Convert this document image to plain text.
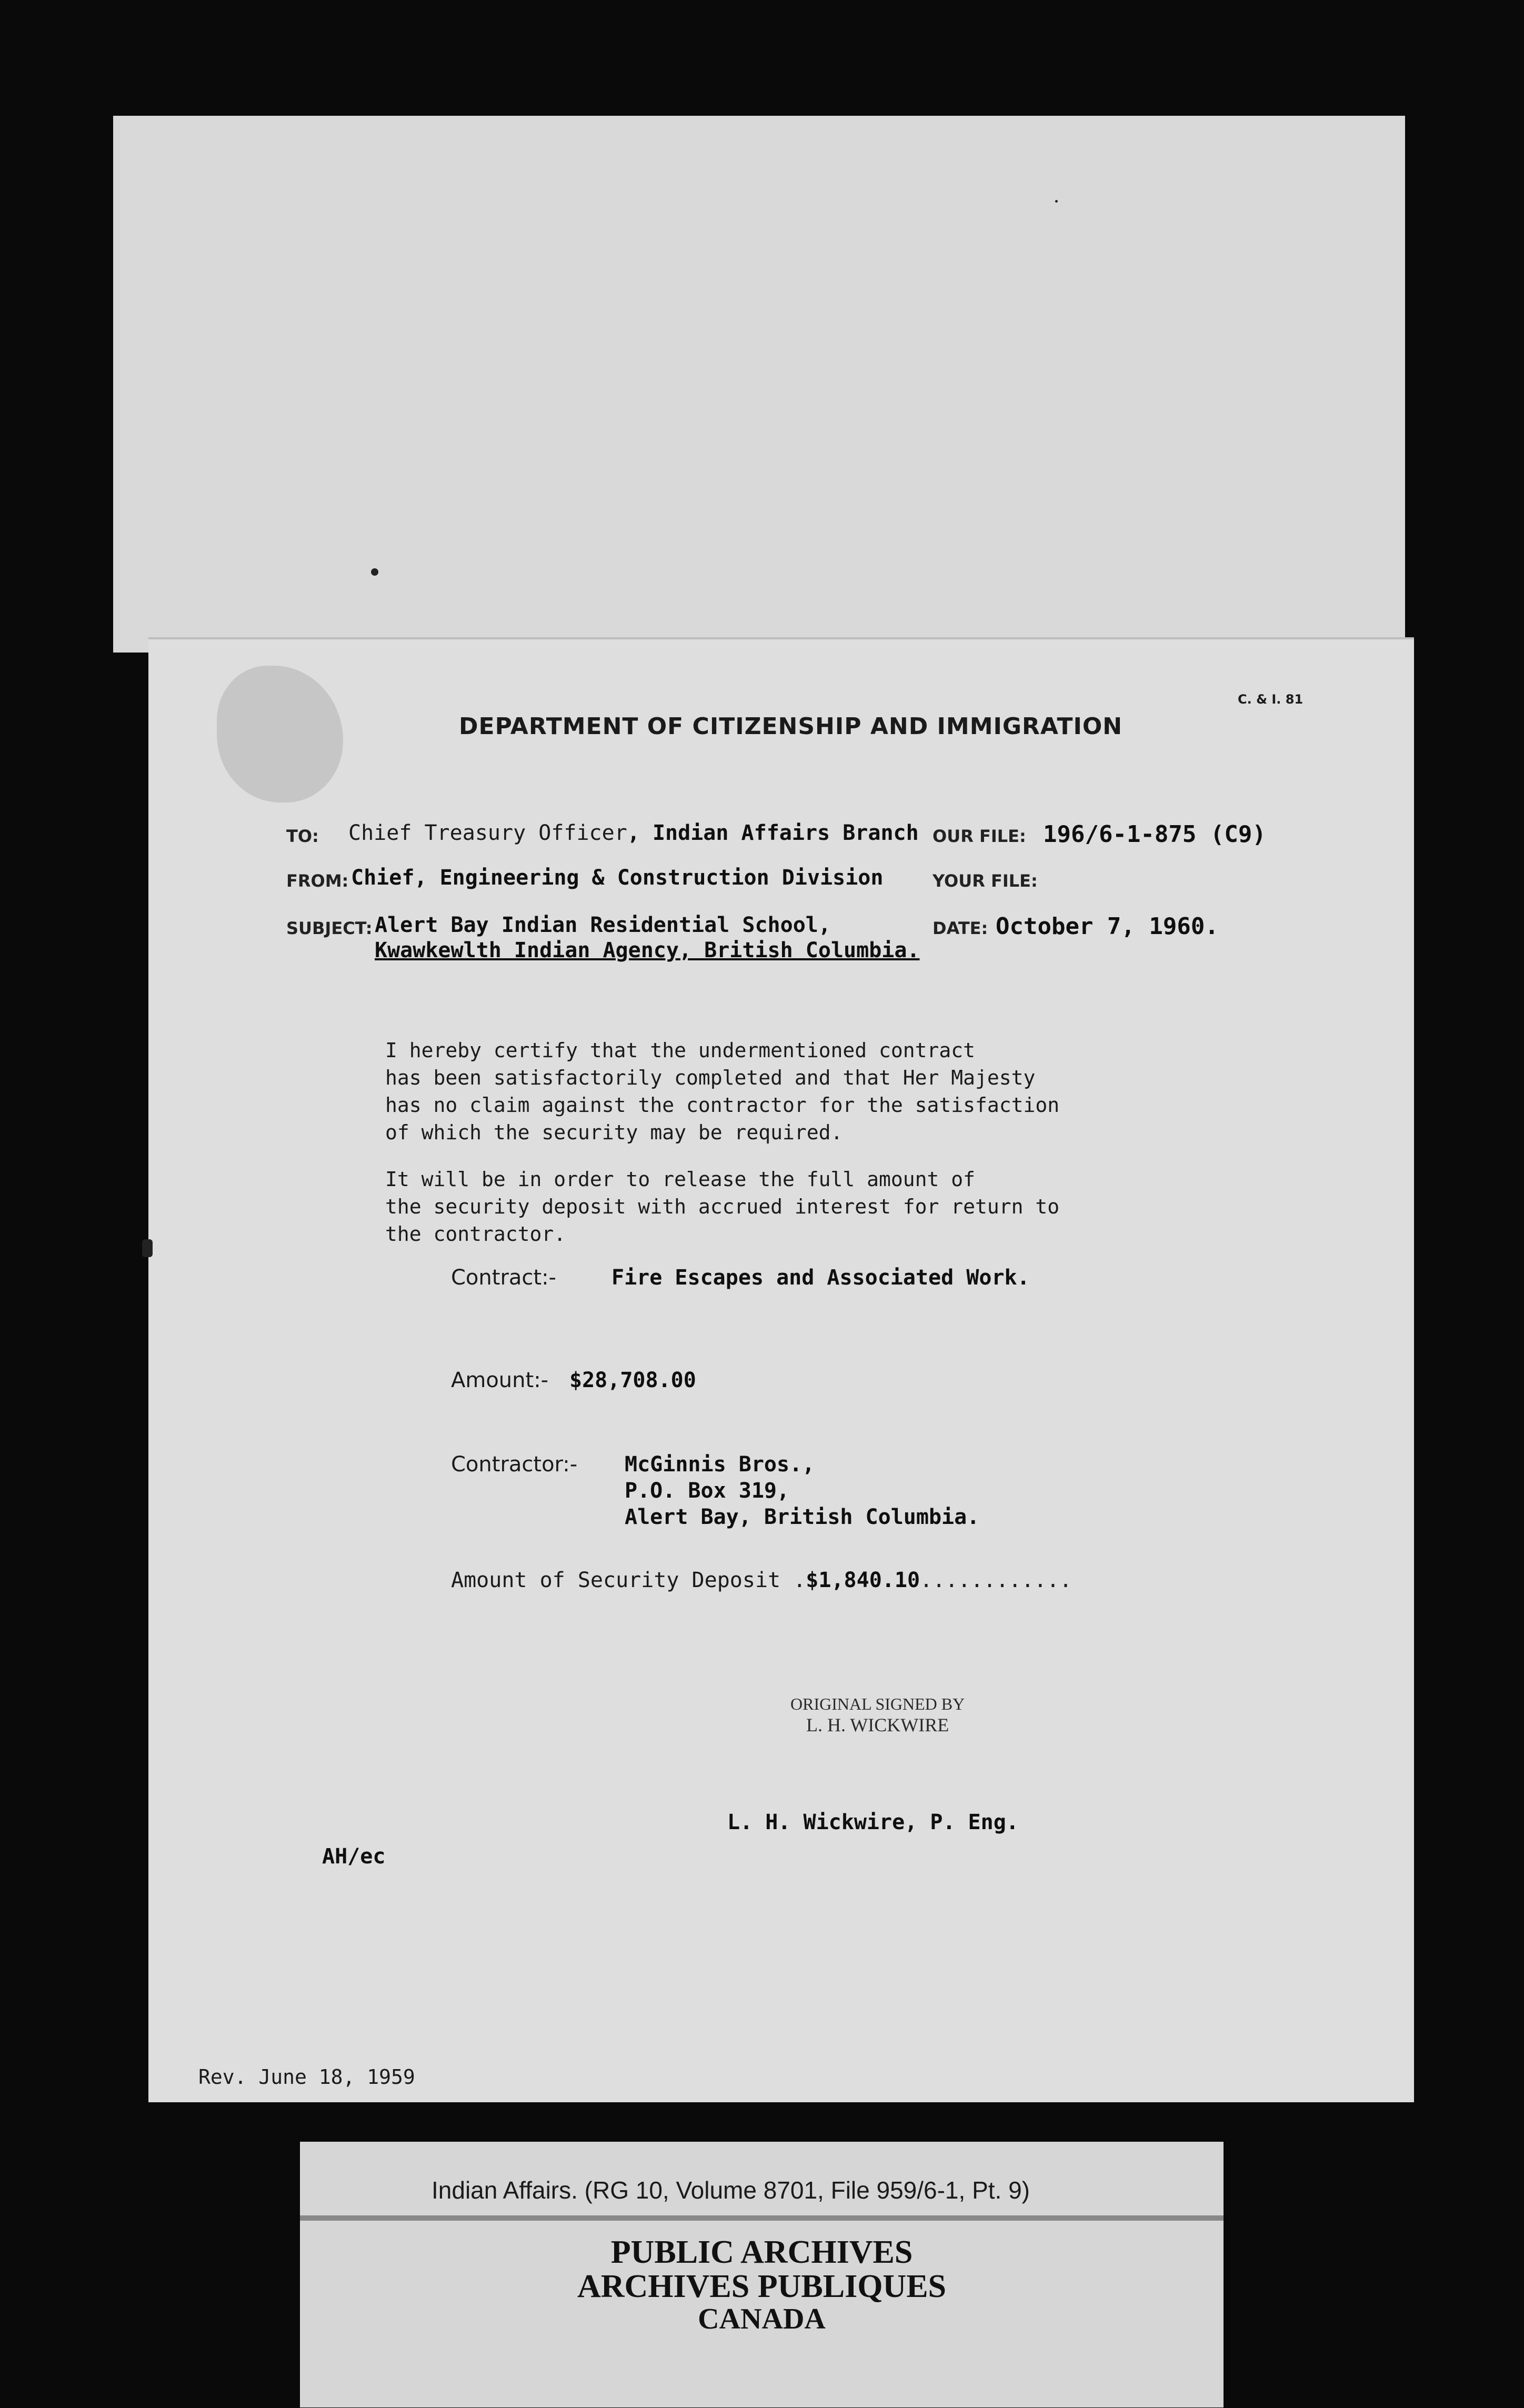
C. & I. 81
DEPARTMENT OF CITIZENSHIP AND IMMIGRATION
TO: Chief Treasury Officer, Indian Affairs Branch OUR FILE: 196/6-1-875 (C9)
FROM: Chief, Engineering & Construction Division	YOUR FILE:
SUBJECT: Alert Bay Indian Residential School,
Kwawkewlth Indian Agency, British Columbia.
DATE: October 7, 1960.
I hereby certify that the undermentioned contract
has been satisfactorily completed and that Her Majesty
has no claim against the contractor for the satisfaction
of which the security may be required.
It will be in order to release the full amount of
the security deposit with accrued interest for return to
the contractor.
Contract:-	Fire Escapes and Associated Work.
Amount:- $28,708.00
Contractor:- McGinnis Bros.,
P.O. Box 319,
Alert Bay, British Columbia.
Amount of Security Deposit .$1,840.10............
ORIGINAL SIGNED BY
L. H. WICKWIRE
L. H. Wickwire, P. Eng.
AH/ec
Rev. June 18, 1959
Indian Affairs. (RG 10, Volume 8701, File 959/6-1, Pt. 9)
PUBLIC ARCHIVES
ARCHIVES PUBLIQUES
CANADA
